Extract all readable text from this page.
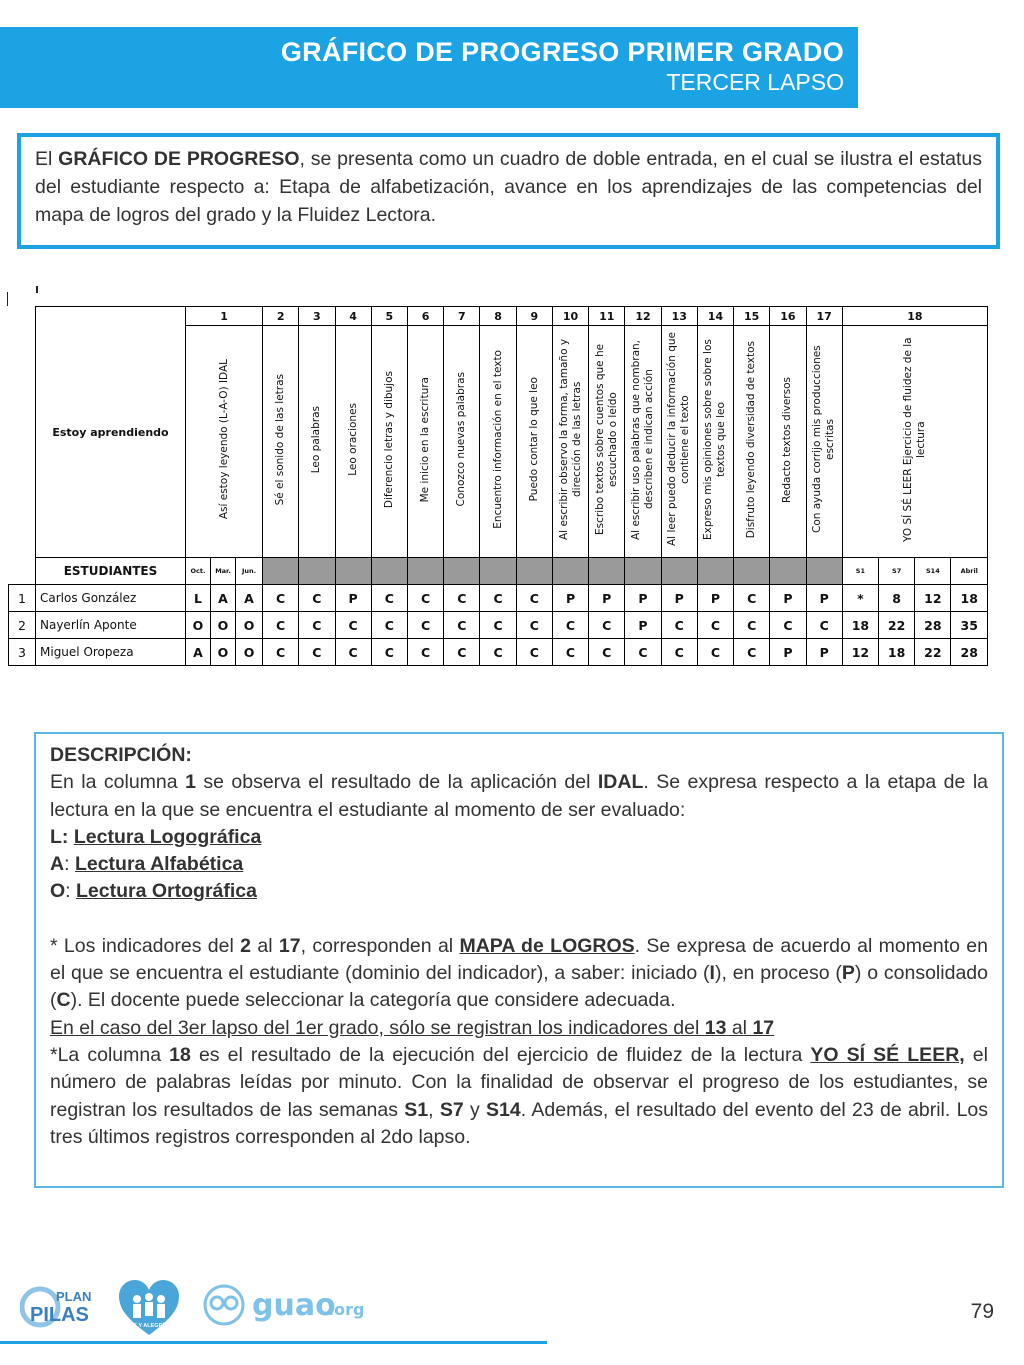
GRÁFICO DE PROGRESO PRIMER GRADO
TERCER LAPSO
El GRÁFICO DE PROGRESO, se presenta como un cuadro de doble entrada, en el cual se ilustra el estatus del estudiante respecto a: Etapa de alfabetización, avance en los aprendizajes de las competencias del mapa de logros del grado y la Fluidez Lectora.
	Estoy aprendiendo	1			2	3	4	5	6	7	8	9	10	11	12	13	14	15	16	17	18			
		Así estoy leyendo (L-A-O) IDAL			Sé el sonido de las letras	Leo palabras	Leo oraciones	Diferencio letras y dibujos	Me inicio en la escritura	Conozco nuevas palabras	Encuentro información en el texto	Puedo contar lo que leo	Al escribir observo la forma, tamaño y dirección de las letras	Escribo textos sobre cuentos que he escuchado o leído	Al escribir uso palabras que nombran, describen e indican acción	Al leer puedo deducir la información que contiene el texto	Expreso mis opiniones sobre sobre los textos que leo	Disfruto leyendo diversidad de textos	Redacto textos diversos	Con ayuda corrijo mis producciones escritas	YO SÍ SÉ LEER Ejercicio de fluidez de la lectura			
	ESTUDIANTES	Oct.	Mar.	Jun.																	S1	S7	S14	Abril
1	Carlos González	L	A	A	C	C	P	C	C	C	C	C	P	P	P	P	P	C	P	P	*	8	12	18
2	Nayerlín Aponte	O	O	O	C	C	C	C	C	C	C	C	C	C	P	C	C	C	C	C	18	22	28	35
3	Miguel Oropeza	A	O	O	C	C	C	C	C	C	C	C	C	C	C	C	C	C	P	P	12	18	22	28

DESCRIPCIÓN:

En la columna 1 se observa el resultado de la aplicación del IDAL. Se expresa respecto a la etapa de la lectura en la que se encuentra el estudiante al momento de ser evaluado:

L: Lectura Logográfica

A: Lectura Alfabética

O: Lectura Ortográfica

* Los indicadores del 2 al 17, corresponden al MAPA de LOGROS. Se expresa de acuerdo al momento en el que se encuentra el estudiante (dominio del indicador), a saber: iniciado (I), en proceso (P) o consolidado (C). El docente puede seleccionar la categoría que considere adecuada.

En el caso del 3er lapso del 1er grado, sólo se registran los indicadores del 13 al 17

*La columna 18 es el resultado de la ejecución del ejercicio de fluidez de la lectura YO SÍ SÉ LEER, el número de palabras leídas por minuto. Con la finalidad de observar el progreso de los estudiantes, se registran los resultados de las semanas S1, S7 y S14. Además, el resultado del evento del 23 de abril. Los tres últimos registros corresponden al 2do lapso.

PLAN
PILAS	FE Y ALEGRÍA
guao
.org	79
